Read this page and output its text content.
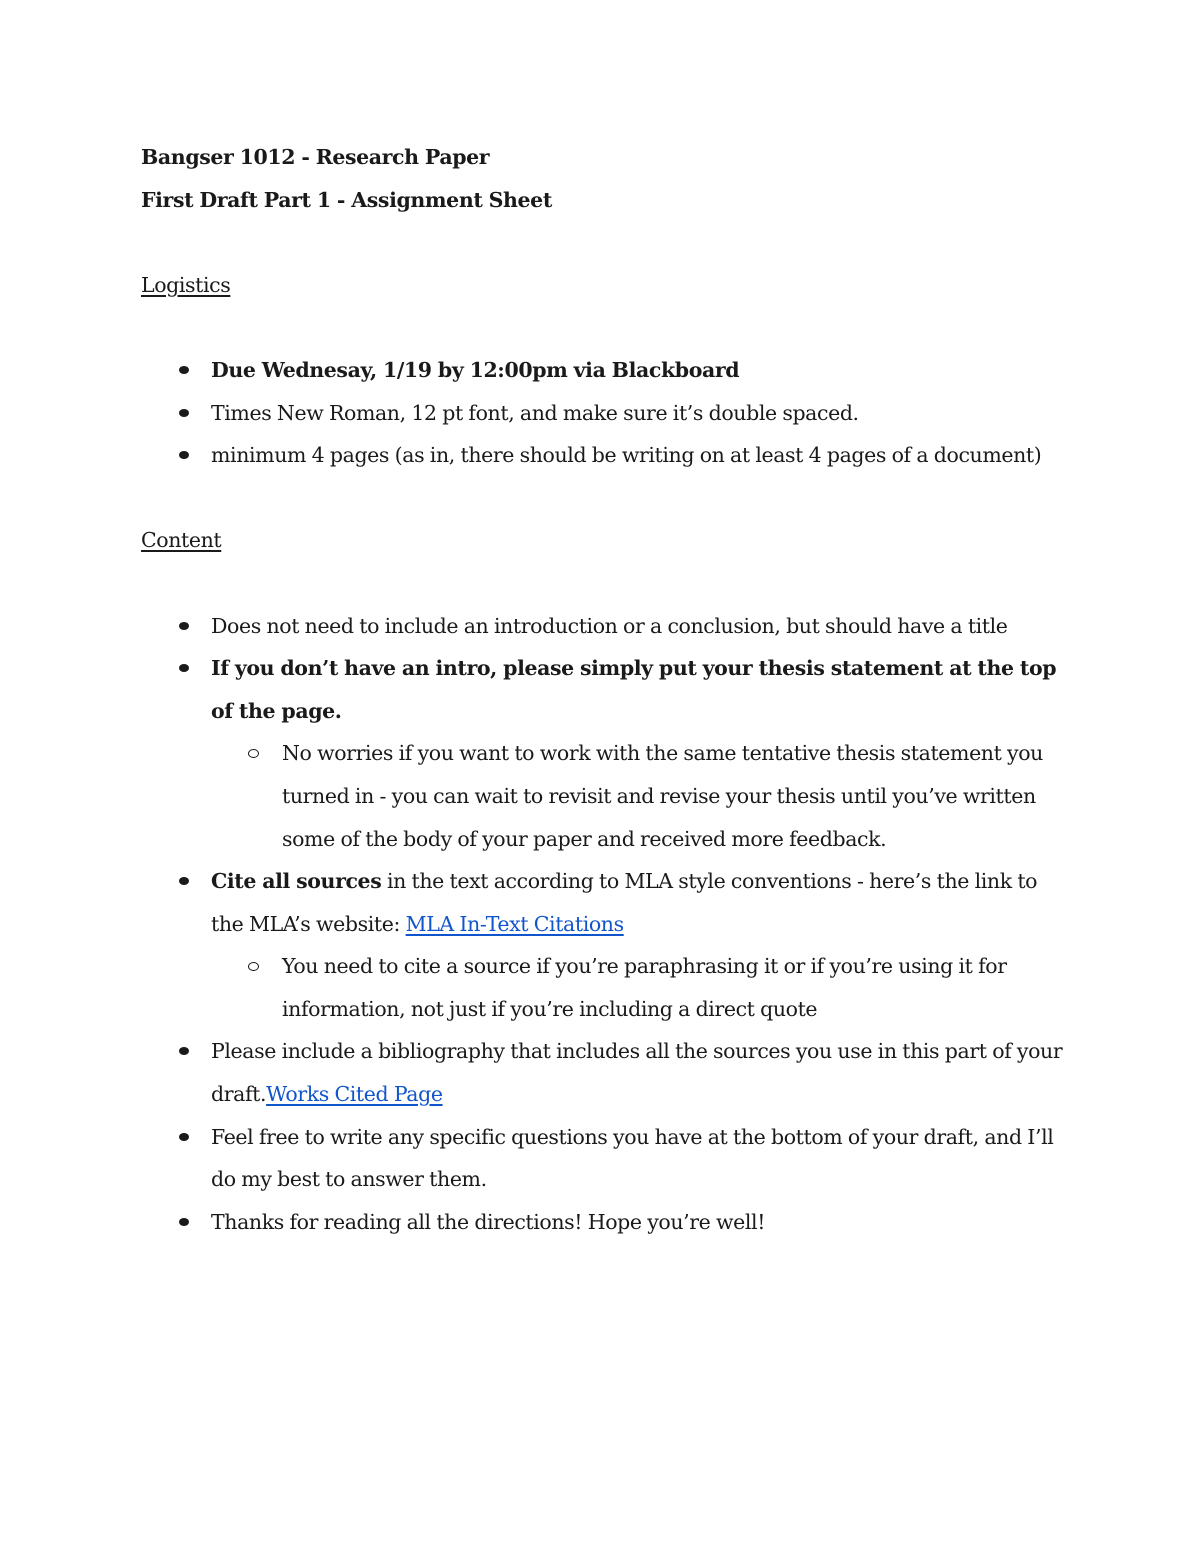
Bangser 1012 - Research Paper

First Draft Part 1 - Assignment Sheet

Logistics

Due Wednesay, 1/19 by 12:00pm via Blackboard
Times New Roman, 12 pt font, and make sure it’s double spaced.
minimum 4 pages (as in, there should be writing on at least 4 pages of a document)

Content

Does not need to include an introduction or a conclusion, but should have a title
If you don’t have an intro, please simply put your thesis statement at the top of the page.
No worries if you want to work with the same tentative thesis statement you turned in - you can wait to revisit and revise your thesis until you’ve written some of the body of your paper and received more feedback.
Cite all sources in the text according to MLA style conventions - here’s the link to the MLA’s website: MLA In-Text Citations
You need to cite a source if you’re paraphrasing it or if you’re using it for information, not just if you’re including a direct quote
Please include a bibliography that includes all the sources you use in this part of your draft.Works Cited Page
Feel free to write any specific questions you have at the bottom of your draft, and I’ll do my best to answer them.
Thanks for reading all the directions! Hope you’re well!
